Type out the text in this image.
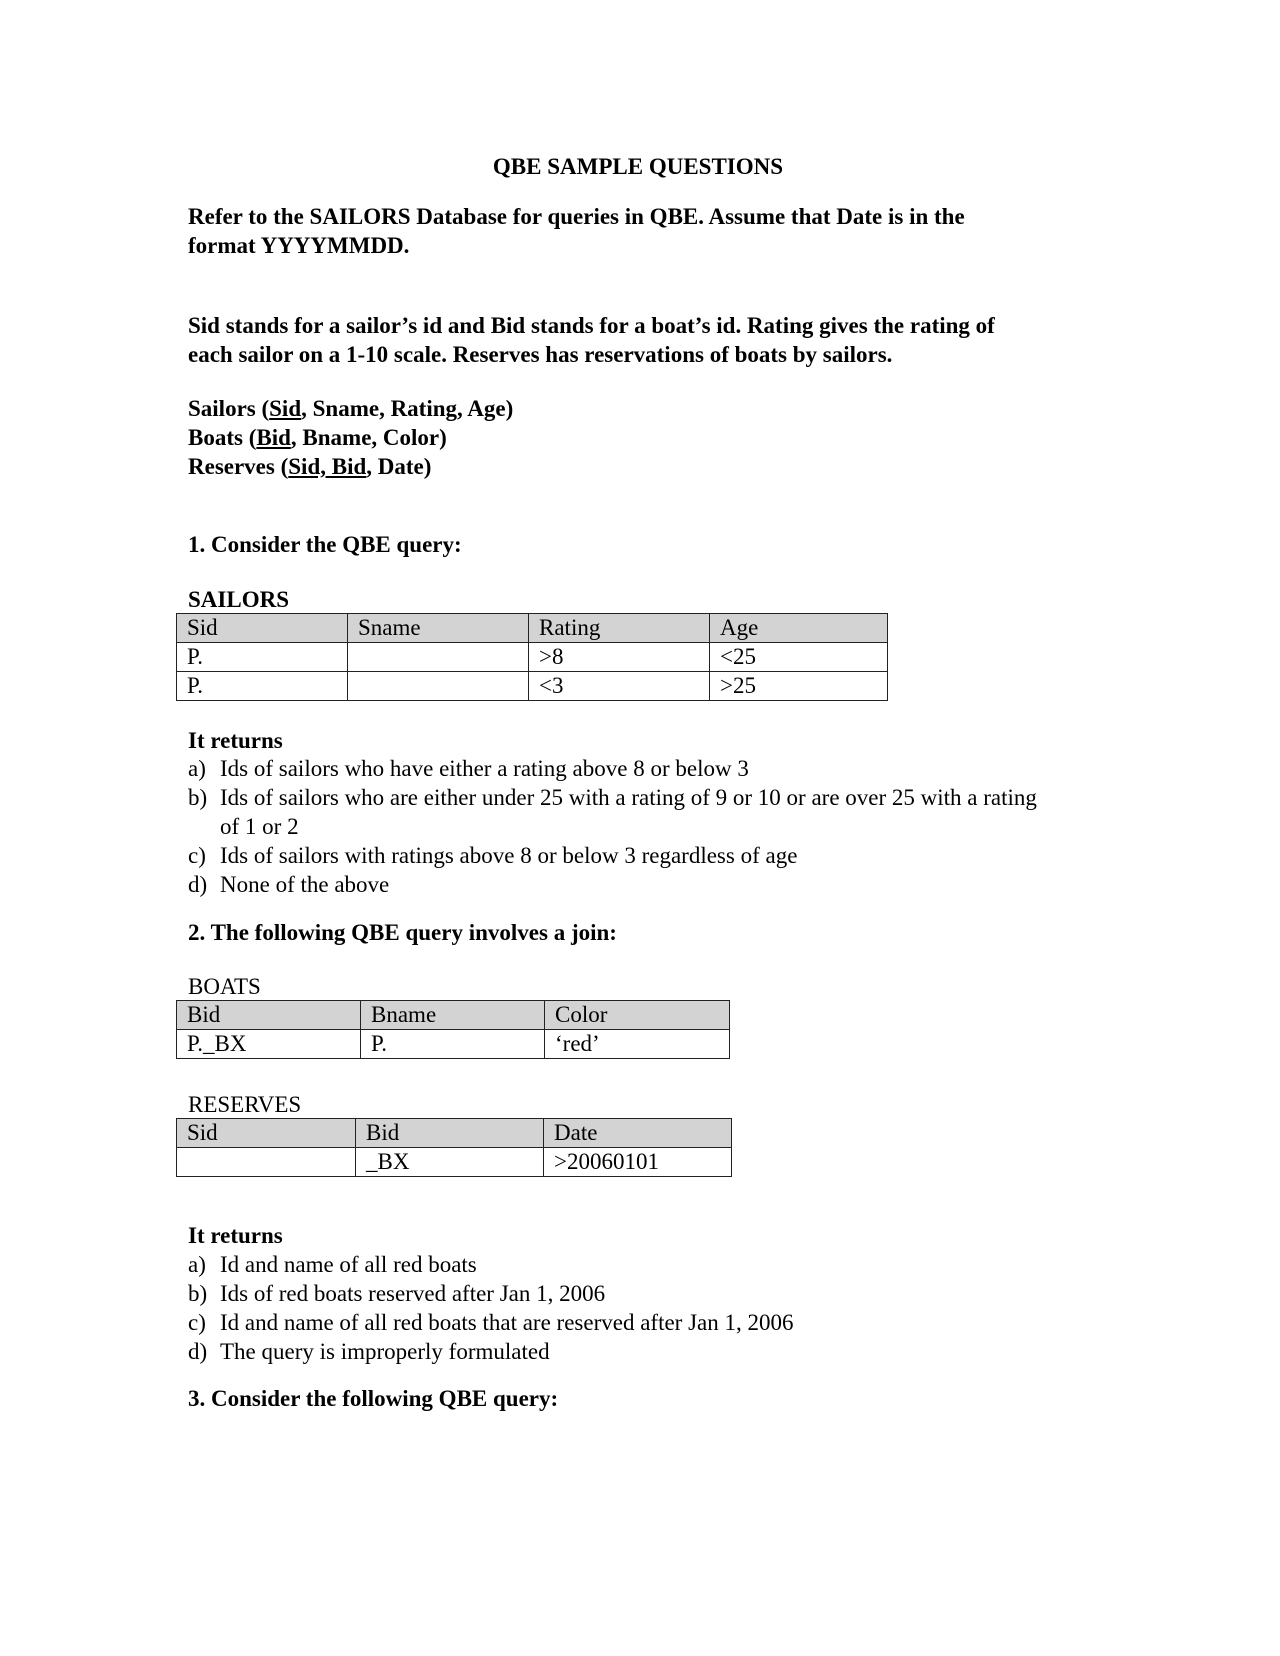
QBE SAMPLE QUESTIONS

Refer to the SAILORS Database for queries in QBE. Assume that Date is in the

format YYYYMMDD.

Sid stands for a sailor’s id and Bid stands for a boat’s id. Rating gives the rating of

each sailor on a 1-10 scale. Reserves has reservations of boats by sailors.

Sailors (Sid, Sname, Rating, Age)

Boats (Bid, Bname, Color)

Reserves (Sid, Bid, Date)

1. Consider the QBE query:

SAILORS

Sid	Sname	Rating	Age
P.		>8	<25
P.		<3	>25

It returns

a) Ids of sailors who have either a rating above 8 or below 3
b) Ids of sailors who are either under 25 with a rating of 9 or 10 or are over 25 with a rating of 1 or 2
c) Ids of sailors with ratings above 8 or below 3 regardless of age
d) None of the above

2. The following QBE query involves a join:

BOATS

Bid	Bname	Color
P._BX	P.	‘red’

RESERVES

Sid	Bid	Date
	_BX	>20060101

It returns

a) Id and name of all red boats
b) Ids of red boats reserved after Jan 1, 2006
c) Id and name of all red boats that are reserved after Jan 1, 2006
d) The query is improperly formulated

3. Consider the following QBE query:
